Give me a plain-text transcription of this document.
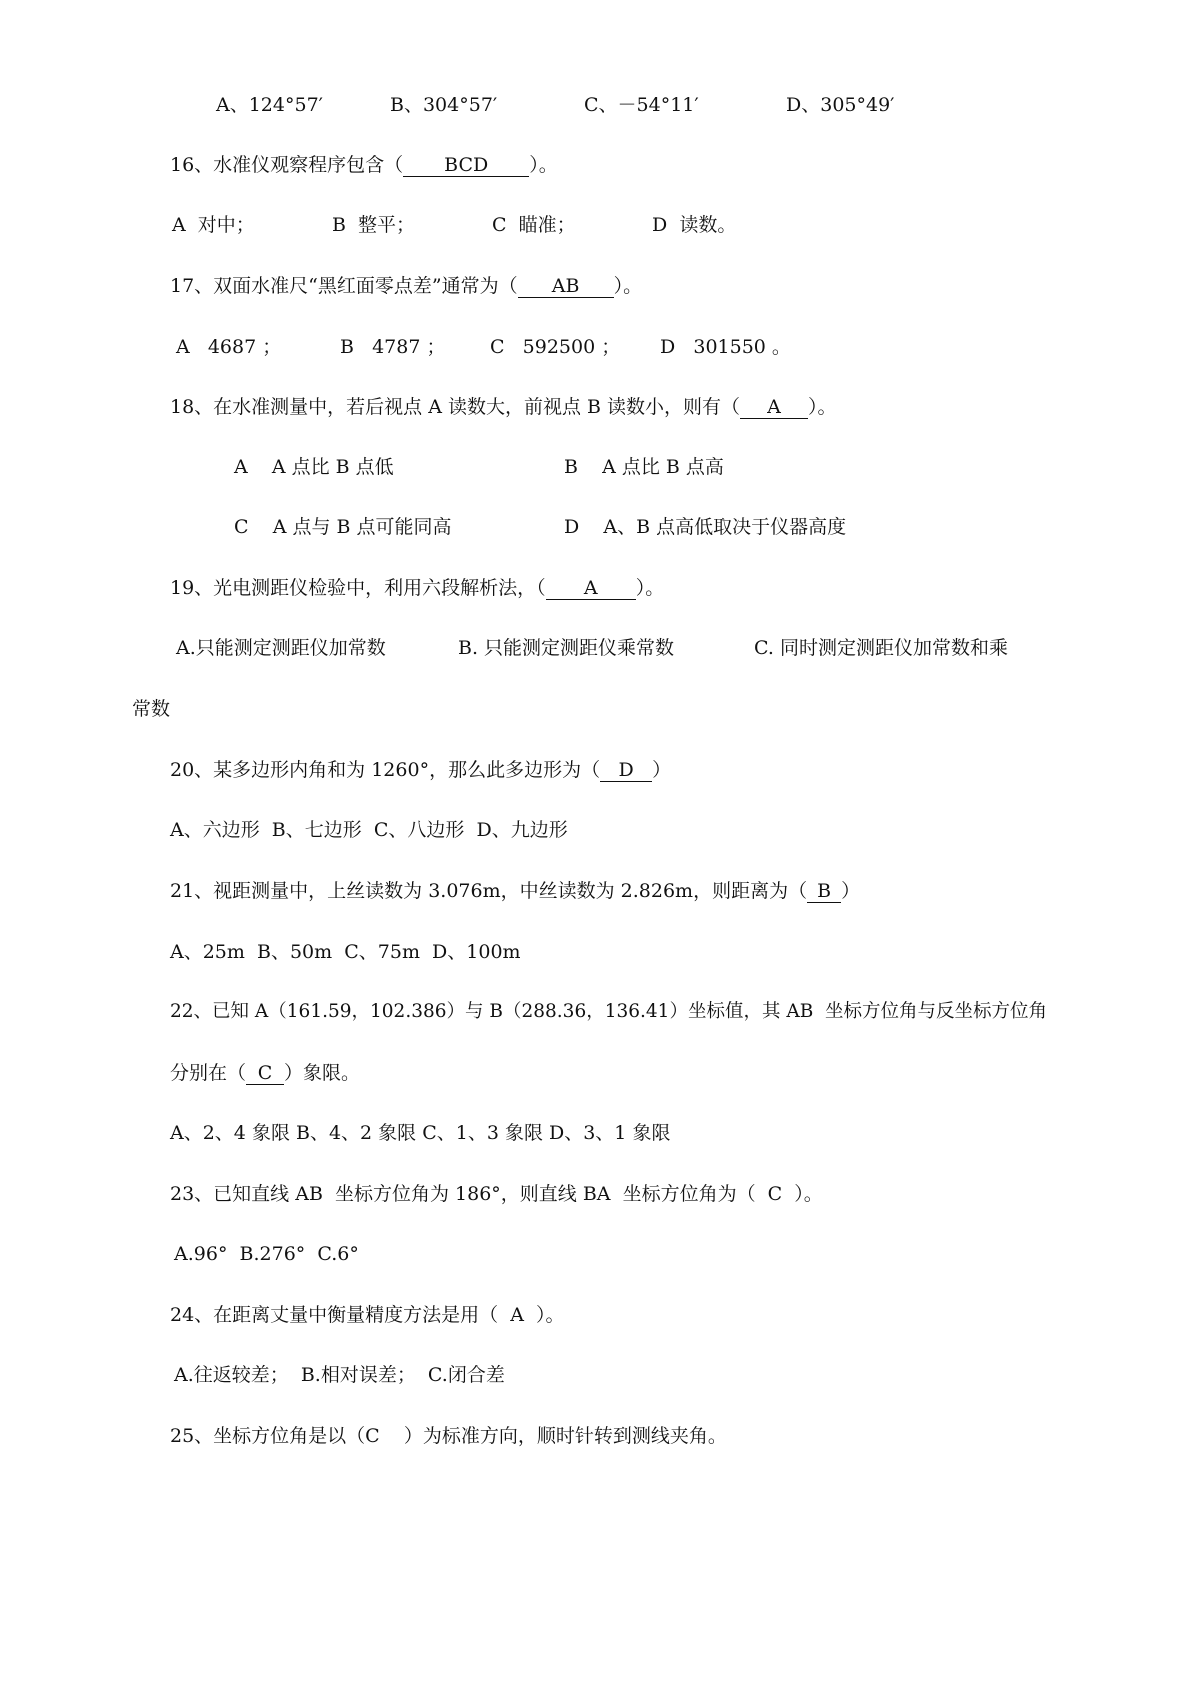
A、124°57′	B、304°57′	C、－54°11′	D、305°49′
16、水准仪观察程序包含（ BCD ）。
A  对中；	B  整平；	C  瞄准；	D  读数。
17、双面水准尺“黑红面零点差”通常为（ AB ）。
A   4687 ；	B   4787 ； C   592500 ； D   301550 。
18、在水准测量中，若后视点 A 读数大，前视点 B 读数小，则有（ A ）。
A    A 点比 B 点低	B    A 点比 B 点高
C    A 点与 B 点可能同高	D    A、B 点高低取决于仪器高度
19、光电测距仪检验中，利用六段解析法，（ A ）。
A.只能测定测距仪加常数	B. 只能测定测距仪乘常数	C. 同时测定测距仪加常数和乘
常数
20、某多边形内角和为 1260°，那么此多边形为（ D ）
A、六边形  B、七边形  C、八边形  D、九边形
21、视距测量中，上丝读数为 3.076m，中丝读数为 2.826m，则距离为（ B ）
A、25m  B、50m  C、75m  D、100m
22、已知 A（161.59，102.386）与 B（288.36，136.41）坐标值，其 AB  坐标方位角与反坐标方位角
分别在（ C ）象限。
A、2、4 象限 B、4、2 象限 C、1、3 象限 D、3、1 象限
23、已知直线 AB  坐标方位角为 186°，则直线 BA  坐标方位角为（  C  ）。
A.96°  B.276°  C.6°
24、在距离丈量中衡量精度方法是用（  A  ）。
A.往返较差；  B.相对误差；  C.闭合差
25、坐标方位角是以（C    ）为标准方向，顺时针转到测线夹角。
